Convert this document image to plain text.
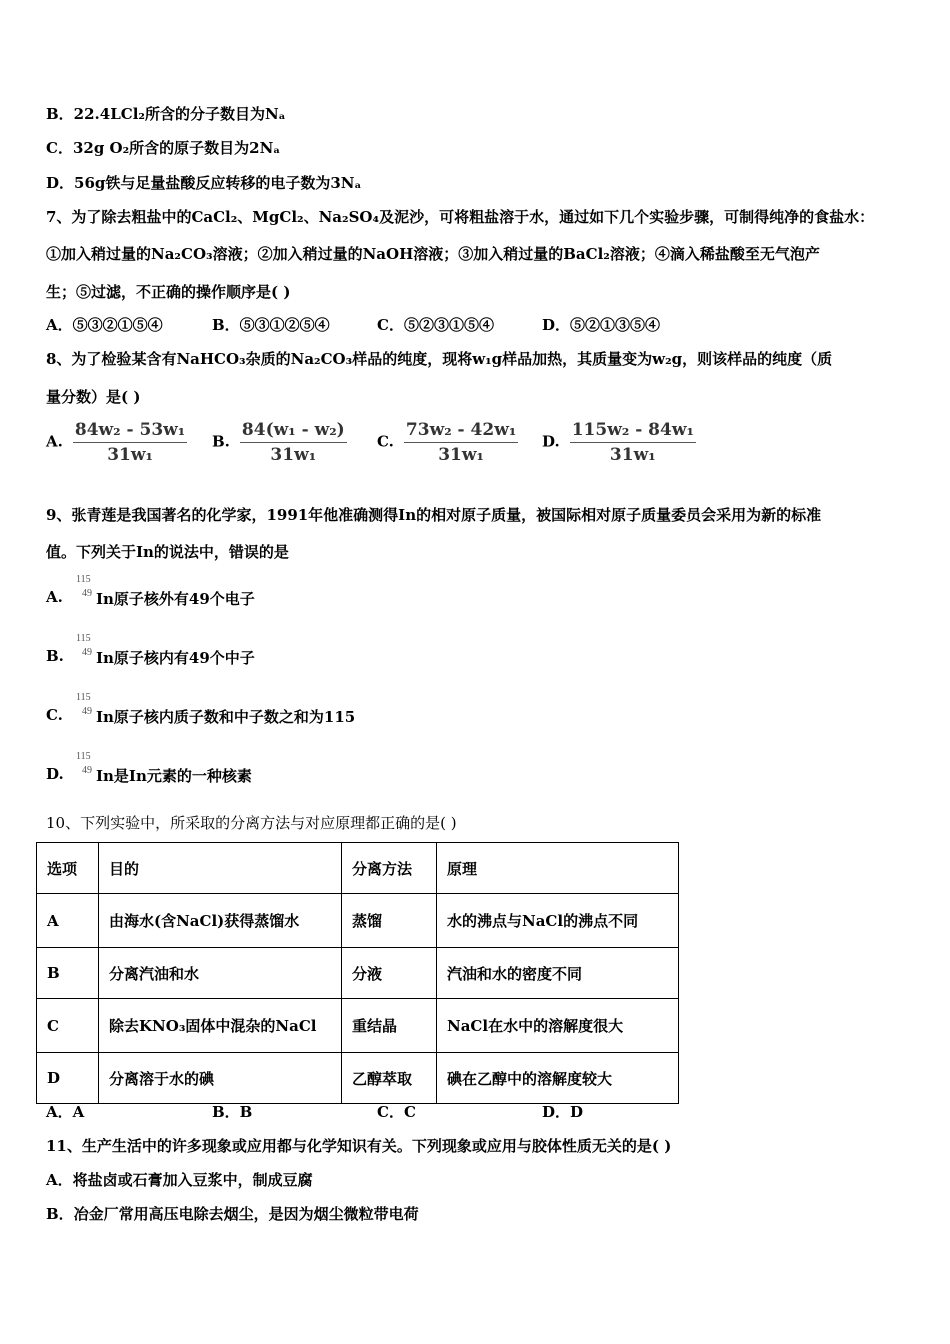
B．22.4LCl₂所含的分子数目为Nₐ
C．32g O₂所含的原子数目为2Nₐ
D．56g铁与足量盐酸反应转移的电子数为3Nₐ
7、为了除去粗盐中的CaCl₂、MgCl₂、Na₂SO₄及泥沙，可将粗盐溶于水，通过如下几个实验步骤，可制得纯净的食盐水：
①加入稍过量的Na₂CO₃溶液；②加入稍过量的NaOH溶液；③加入稍过量的BaCl₂溶液；④滴入稀盐酸至无气泡产
生；⑤过滤，不正确的操作顺序是( )
A．⑤③②①⑤④	B．⑤③①②⑤④	C．⑤②③①⑤④	D．⑤②①③⑤④
8、为了检验某含有NaHCO₃杂质的Na₂CO₃样品的纯度，现将w₁g样品加热，其质量变为w₂g，则该样品的纯度（质
量分数）是( )
A. $\frac{\text{84w₂ - 53w₁}}{\text{31w₁}} B$. $\frac{\text{84(w₁ - w₂)}}{\text{31w₁}} C$. $\frac{\text{73w₂ - 42w₁}}{\text{31w₁}} D$. $\frac{\text{115w₂ - 84w₁}}{\text{31w₁}}$
9、张青莲是我国著名的化学家，1991年他准确测得In的相对原子质量，被国际相对原子质量委员会采用为新的标准
值。下列关于In的说法中，错误的是
115
49
A. In原子核外有49个电子
115
49
B. In原子核内有49个中子
115
49
C. In原子核内质子数和中子数之和为115
115
49
D. In是In元素的一种核素
10、下列实验中，所采取的分离方法与对应原理都正确的是( )
选项	目的	分离方法	原理
A	由海水(含NaCl)获得蒸馏水	蒸馏	水的沸点与NaCl的沸点不同
B	分离汽油和水	分液	汽油和水的密度不同
C	除去KNO₃固体中混杂的NaCl	重结晶	NaCl在水中的溶解度很大
D	分离溶于水的碘	乙醇萃取	碘在乙醇中的溶解度较大
A．A	B．B	C．C	D．D
11、生产生活中的许多现象或应用都与化学知识有关。下列现象或应用与胶体性质无关的是( )
A．将盐卤或石膏加入豆浆中，制成豆腐
B．冶金厂常用高压电除去烟尘，是因为烟尘微粒带电荷
